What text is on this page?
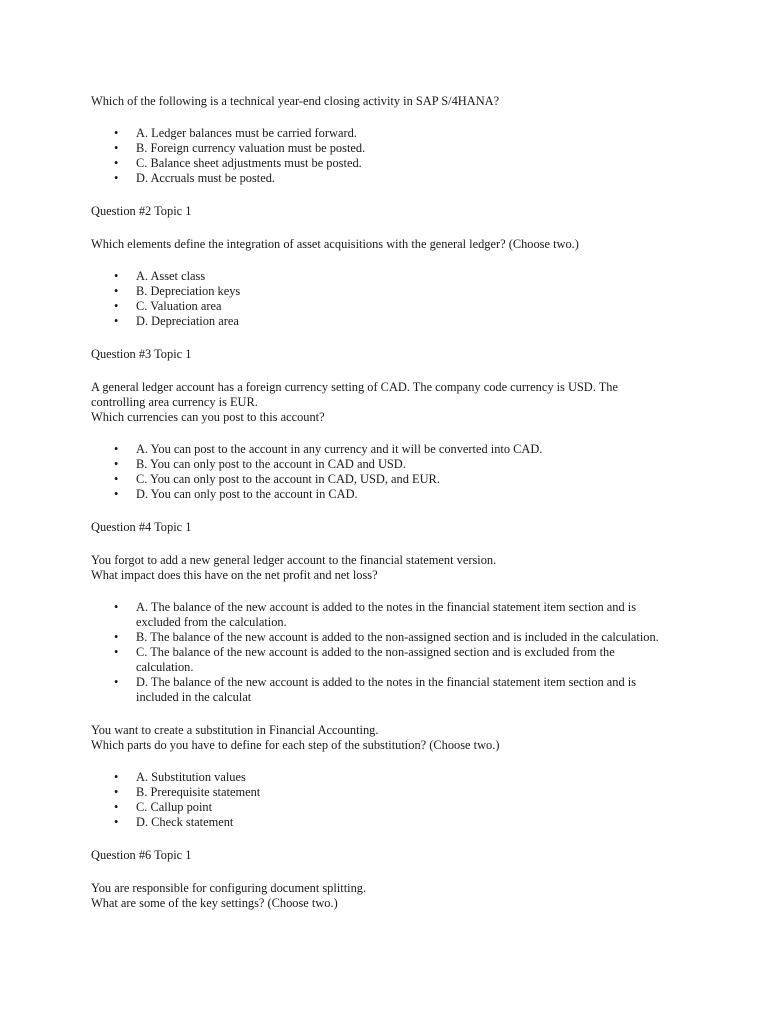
Which of the following is a technical year-end closing activity in SAP S/4HANA?

• A. Ledger balances must be carried forward.
• B. Foreign currency valuation must be posted.
• C. Balance sheet adjustments must be posted.
• D. Accruals must be posted.

Question #2 Topic 1

Which elements define the integration of asset acquisitions with the general ledger? (Choose two.)

• A. Asset class
• B. Depreciation keys
• C. Valuation area
• D. Depreciation area

Question #3 Topic 1

A general ledger account has a foreign currency setting of CAD. The company code currency is USD. The

controlling area currency is EUR.

Which currencies can you post to this account?

• A. You can post to the account in any currency and it will be converted into CAD.
• B. You can only post to the account in CAD and USD.
• C. You can only post to the account in CAD, USD, and EUR.
• D. You can only post to the account in CAD.

Question #4 Topic 1

You forgot to add a new general ledger account to the financial statement version.

What impact does this have on the net profit and net loss?

• A. The balance of the new account is added to the notes in the financial statement item section and is
excluded from the calculation.
• B. The balance of the new account is added to the non-assigned section and is included in the calculation.
• C. The balance of the new account is added to the non-assigned section and is excluded from the
calculation.
• D. The balance of the new account is added to the notes in the financial statement item section and is
included in the calculat

You want to create a substitution in Financial Accounting.

Which parts do you have to define for each step of the substitution? (Choose two.)

• A. Substitution values
• B. Prerequisite statement
• C. Callup point
• D. Check statement

Question #6 Topic 1

You are responsible for configuring document splitting.

What are some of the key settings? (Choose two.)
